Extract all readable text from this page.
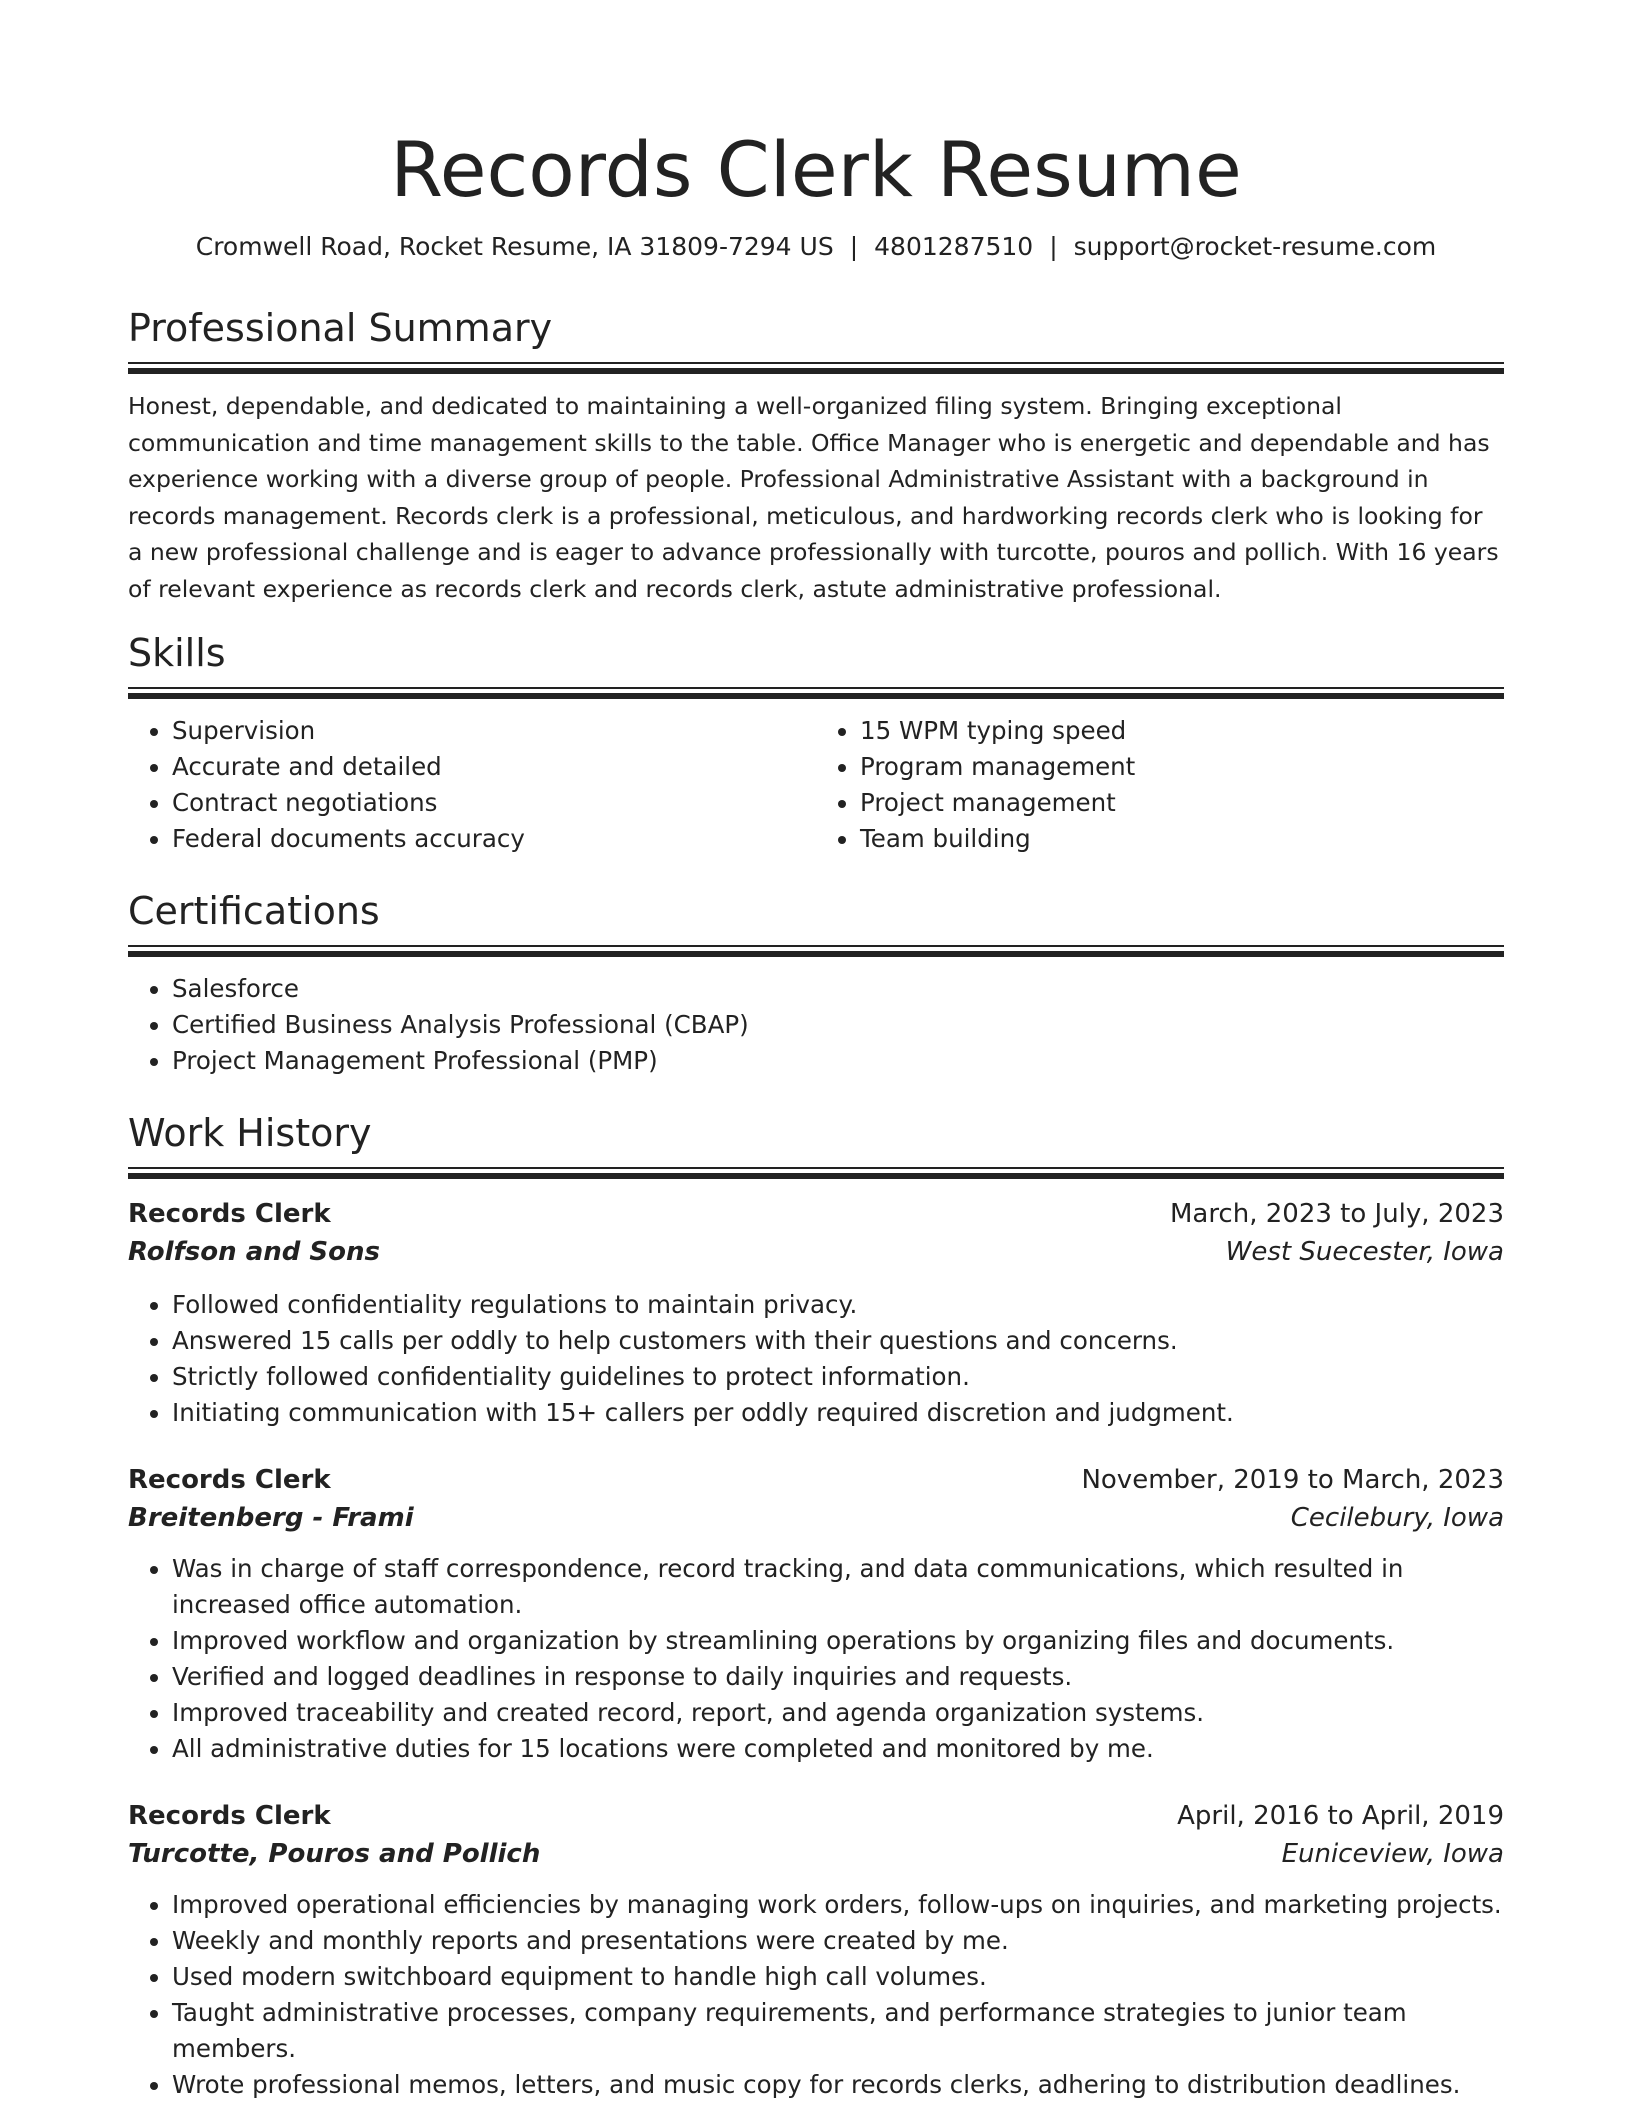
Records Clerk Resume
Cromwell Road, Rocket Resume, IA 31809-7294 US | 4801287510 | support@rocket-resume.com
Professional Summary

Honest, dependable, and dedicated to maintaining a well-organized filing system. Bringing exceptional communication and time management skills to the table. Office Manager who is energetic and dependable and has experience working with a diverse group of people. Professional Administrative Assistant with a background in records management. Records clerk is a professional, meticulous, and hardworking records clerk who is looking for a new professional challenge and is eager to advance professionally with turcotte, pouros and pollich. With 16 years of relevant experience as records clerk and records clerk, astute administrative professional.

Skills
• Supervision
• Accurate and detailed
• Contract negotiations
• Federal documents accuracy
• 15 WPM typing speed
• Program management
• Project management
• Team building
Certifications
• Salesforce
• Certified Business Analysis Professional (CBAP)
• Project Management Professional (PMP)
Work History
Records Clerk	March, 2023 to July, 2023
Rolfson and Sons	West Suecester, Iowa
• Followed confidentiality regulations to maintain privacy.
• Answered 15 calls per oddly to help customers with their questions and concerns.
• Strictly followed confidentiality guidelines to protect information.
• Initiating communication with 15+ callers per oddly required discretion and judgment.
Records Clerk	November, 2019 to March, 2023
Breitenberg - Frami	Cecilebury, Iowa
• Was in charge of staff correspondence, record tracking, and data communications, which resulted in increased office automation.
• Improved workflow and organization by streamlining operations by organizing files and documents.
• Verified and logged deadlines in response to daily inquiries and requests.
• Improved traceability and created record, report, and agenda organization systems.
• All administrative duties for 15 locations were completed and monitored by me.
Records Clerk	April, 2016 to April, 2019
Turcotte, Pouros and Pollich	Euniceview, Iowa
• Improved operational efficiencies by managing work orders, follow-ups on inquiries, and marketing projects.
• Weekly and monthly reports and presentations were created by me.
• Used modern switchboard equipment to handle high call volumes.
• Taught administrative processes, company requirements, and performance strategies to junior team members.
• Wrote professional memos, letters, and music copy for records clerks, adhering to distribution deadlines.
